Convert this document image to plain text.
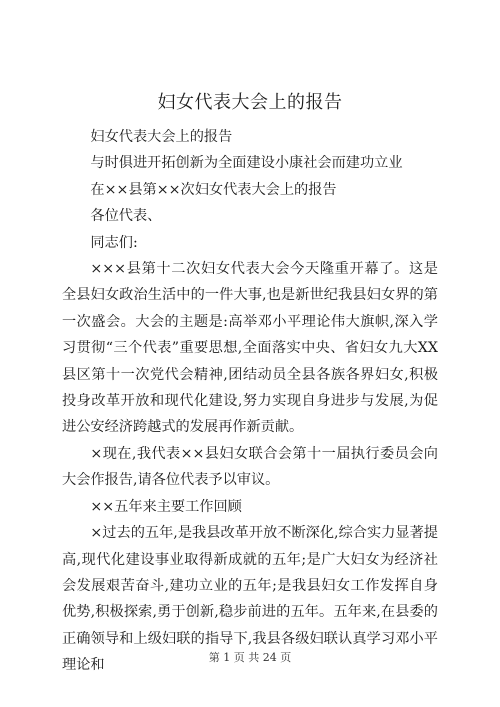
妇女代表大会上的报告

妇女代表大会上的报告

与时俱进开拓创新为全面建设小康社会而建功立业

在××县第××次妇女代表大会上的报告

各位代表、

同志们:

×××县第十二次妇女代表大会今天隆重开幕了。这是全县妇女政治生活中的一件大事,也是新世纪我县妇女界的第一次盛会。大会的主题是:高举邓小平理论伟大旗帜,深入学习贯彻“三个代表”重要思想,全面落实中央、省妇女九大XX县区第十一次党代会精神,团结动员全县各族各界妇女,积极投身改革开放和现代化建设,努力实现自身进步与发展,为促进公安经济跨越式的发展再作新贡献。

×现在,我代表××县妇女联合会第十一届执行委员会向大会作报告,请各位代表予以审议。

××五年来主要工作回顾

×过去的五年,是我县改革开放不断深化,综合实力显著提高,现代化建设事业取得新成就的五年;是广大妇女为经济社会发展艰苦奋斗,建功立业的五年;是我县妇女工作发挥自身优势,积极探索,勇于创新,稳步前进的五年。五年来,在县委的正确领导和上级妇联的指导下,我县各级妇联认真学习邓小平理论和	第 1 页 共 24 页
